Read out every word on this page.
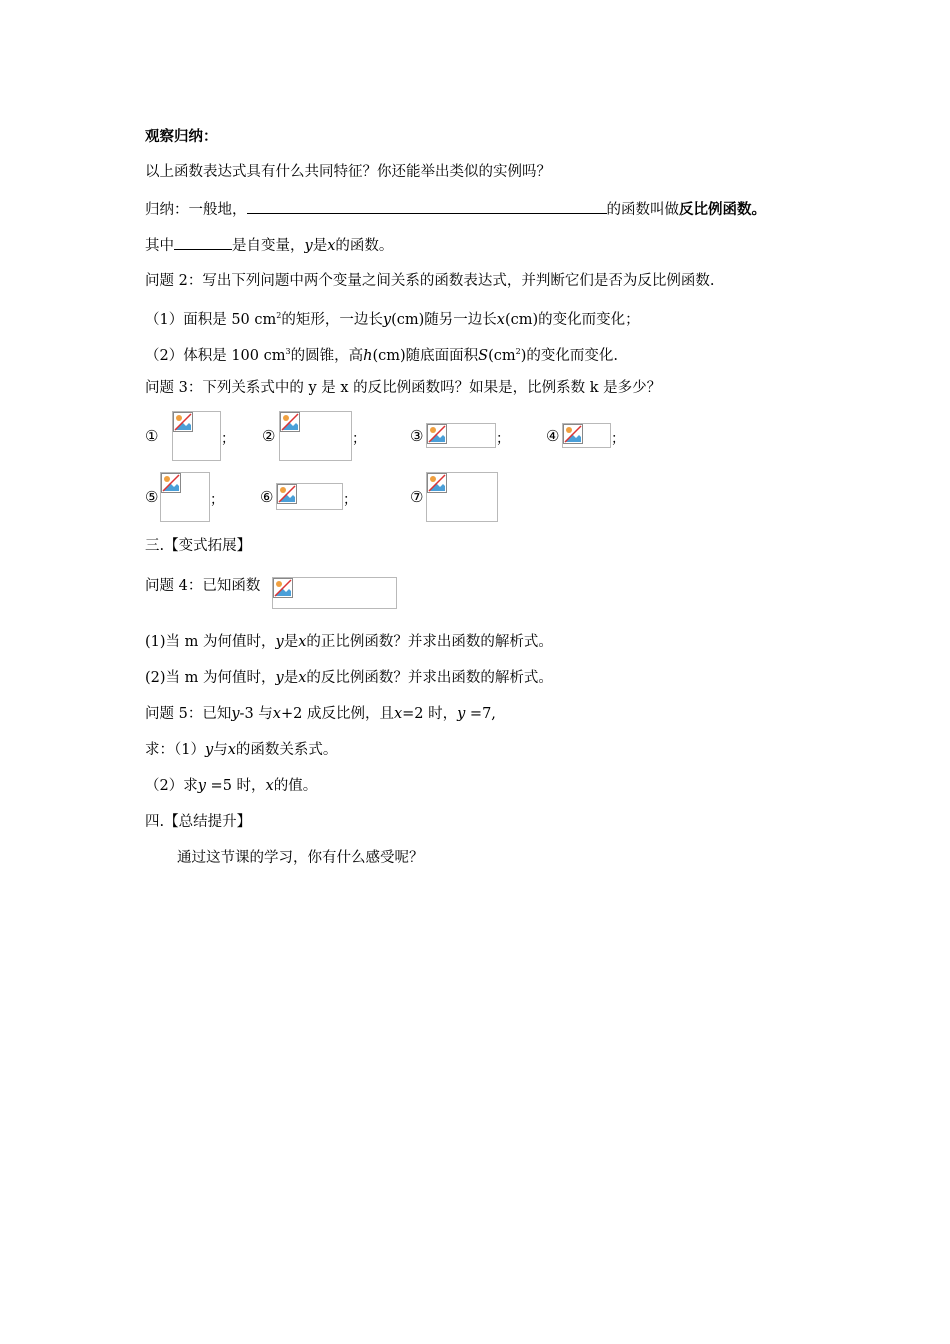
观察归纳：
以上函数表达式具有什么共同特征？你还能举出类似的实例吗？
归纳：一般地，	的函数叫做反比例函数。
其中	是自变量，y是x的函数。
问题 2：写出下列问题中两个变量之间关系的函数表达式，并判断它们是否为反比例函数.
（1）面积是 50 $cm^2$的矩形，一边长y(cm)随另一边长x(cm)的变化而变化；
（2）体积是 100 $cm^3$的圆锥，高h(cm)随底面面积$S(cm^2)$的变化而变化.
问题 3：下列关系式中的 y 是 x 的反比例函数吗？如果是，比例系数 k 是多少？
①	； ②	；	③	； ④	；
⑤	； ⑥	；	⑦
三.【变式拓展】
问题 4：已知函数
(1)当 m 为何值时，y是x的正比例函数？并求出函数的解析式。
(2)当 m 为何值时，y是x的反比例函数？并求出函数的解析式。
问题 5：已知y-3 与x+2 成反比例，且x=2 时，y =7,
求：（1）y与x的函数关系式。
（2）求y =5 时，x的值。
四.【总结提升】
通过这节课的学习，你有什么感受呢？
